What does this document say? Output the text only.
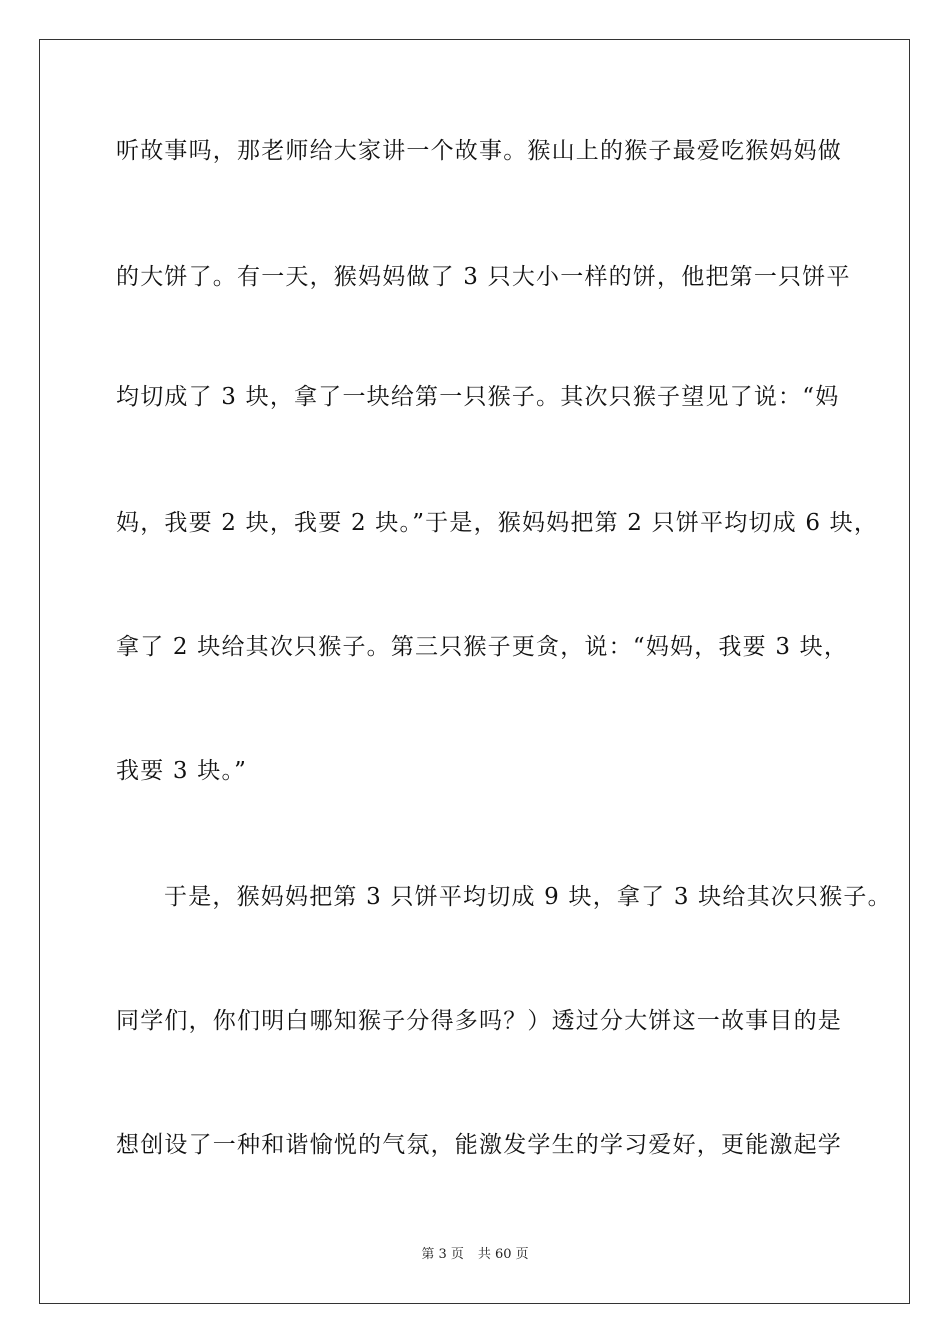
听故事吗，那老师给大家讲一个故事。猴山上的猴子最爱吃猴妈妈做
的大饼了。有一天，猴妈妈做了 3 只大小一样的饼，他把第一只饼平
均切成了 3 块，拿了一块给第一只猴子。其次只猴子望见了说：“妈
妈，我要 2 块，我要 2 块。”于是，猴妈妈把第 2 只饼平均切成 6 块，
拿了 2 块给其次只猴子。第三只猴子更贪，说：“妈妈，我要 3 块，
我要 3 块。”
于是，猴妈妈把第 3 只饼平均切成 9 块，拿了 3 块给其次只猴子。
同学们，你们明白哪知猴子分得多吗？）透过分大饼这一故事目的是
想创设了一种和谐愉悦的气氛，能激发学生的学习爱好，更能激起学
第 3 页 共 60 页
